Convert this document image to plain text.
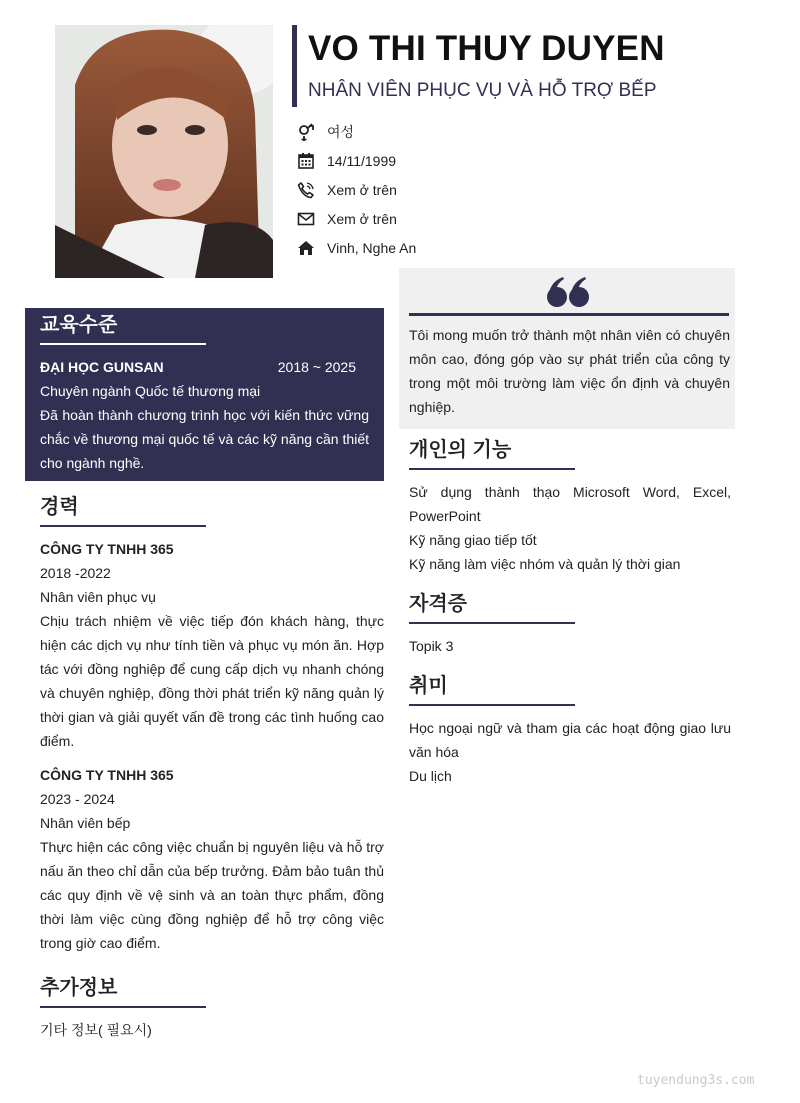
VO THI THUY DUYEN
NHÂN VIÊN PHỤC VỤ VÀ HỖ TRỢ BẾP
여성
14/11/1999
Xem ở trên
Xem ở trên
Vinh, Nghe An
Tôi mong muốn trở thành một nhân viên có chuyên môn cao, đóng góp vào sự phát triển của công ty trong một môi trường làm việc ổn định và chuyên nghiệp.
교육수준
ĐẠI HỌC GUNSAN	2018 ~ 2025

Chuyên ngành Quốc tế thương mại

Đã hoàn thành chương trình học với kiến thức vững chắc về thương mại quốc tế và các kỹ năng cần thiết cho ngành nghề.

경력
CÔNG TY TNHH 365

2018 -2022

Nhân viên phục vụ

Chịu trách nhiệm về việc tiếp đón khách hàng, thực hiện các dịch vụ như tính tiền và phục vụ món ăn. Hợp tác với đồng nghiệp để cung cấp dịch vụ nhanh chóng và chuyên nghiệp, đồng thời phát triển kỹ năng quản lý thời gian và giải quyết vấn đề trong các tình huống cao điểm.

CÔNG TY TNHH 365

2023 - 2024

Nhân viên bếp

Thực hiện các công việc chuẩn bị nguyên liệu và hỗ trợ nấu ăn theo chỉ dẫn của bếp trưởng. Đảm bảo tuân thủ các quy định về vệ sinh và an toàn thực phẩm, đồng thời làm việc cùng đồng nghiệp để hỗ trợ công việc trong giờ cao điểm.

추가정보

기타 정보( 필요시)

개인의 기능

Sử dụng thành thạo Microsoft Word, Excel, PowerPoint

Kỹ năng giao tiếp tốt

Kỹ năng làm việc nhóm và quản lý thời gian

자격증

Topik 3

취미

Học ngoại ngữ và tham gia các hoạt động giao lưu văn hóa

Du lịch

tuyendung3s.com
